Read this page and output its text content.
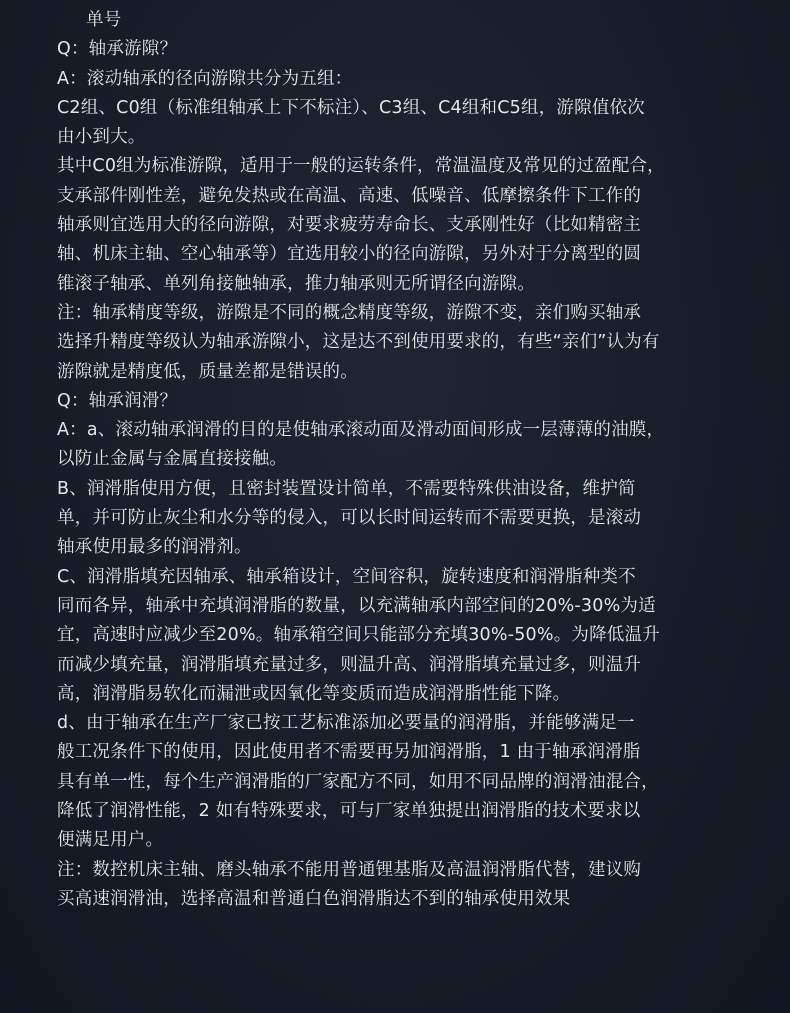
单号
Q：轴承游隙？
A：滚动轴承的径向游隙共分为五组：
C2组、C0组（标准组轴承上下不标注）、C3组、C4组和C5组，游隙值依次
由小到大。
其中C0组为标准游隙，适用于一般的运转条件，常温温度及常见的过盈配合，
支承部件刚性差，避免发热或在高温、高速、低噪音、低摩擦条件下工作的
轴承则宜选用大的径向游隙，对要求疲劳寿命长、支承刚性好（比如精密主
轴、机床主轴、空心轴承等）宜选用较小的径向游隙，另外对于分离型的圆
锥滚子轴承、单列角接触轴承，推力轴承则无所谓径向游隙。
注：轴承精度等级，游隙是不同的概念精度等级，游隙不变，亲们购买轴承
选择升精度等级认为轴承游隙小，这是达不到使用要求的，有些“亲们”认为有
游隙就是精度低，质量差都是错误的。
Q：轴承润滑？
A：a、滚动轴承润滑的目的是使轴承滚动面及滑动面间形成一层薄薄的油膜，
以防止金属与金属直接接触。
B、润滑脂使用方便，且密封装置设计简单，不需要特殊供油设备，维护简
单，并可防止灰尘和水分等的侵入，可以长时间运转而不需要更换，是滚动
轴承使用最多的润滑剂。
C、润滑脂填充因轴承、轴承箱设计，空间容积，旋转速度和润滑脂种类不
同而各异，轴承中充填润滑脂的数量，以充满轴承内部空间的20%-30%为适
宜，高速时应减少至20%。轴承箱空间只能部分充填30%-50%。为降低温升
而减少填充量，润滑脂填充量过多，则温升高、润滑脂填充量过多，则温升
高，润滑脂易软化而漏泄或因氧化等变质而造成润滑脂性能下降。
d、由于轴承在生产厂家已按工艺标准添加必要量的润滑脂，并能够满足一
般工况条件下的使用，因此使用者不需要再另加润滑脂，1 由于轴承润滑脂
具有单一性，每个生产润滑脂的厂家配方不同，如用不同品牌的润滑油混合，
降低了润滑性能，2 如有特殊要求，可与厂家单独提出润滑脂的技术要求以
便满足用户。
注：数控机床主轴、磨头轴承不能用普通锂基脂及高温润滑脂代替，建议购
买高速润滑油，选择高温和普通白色润滑脂达不到的轴承使用效果
